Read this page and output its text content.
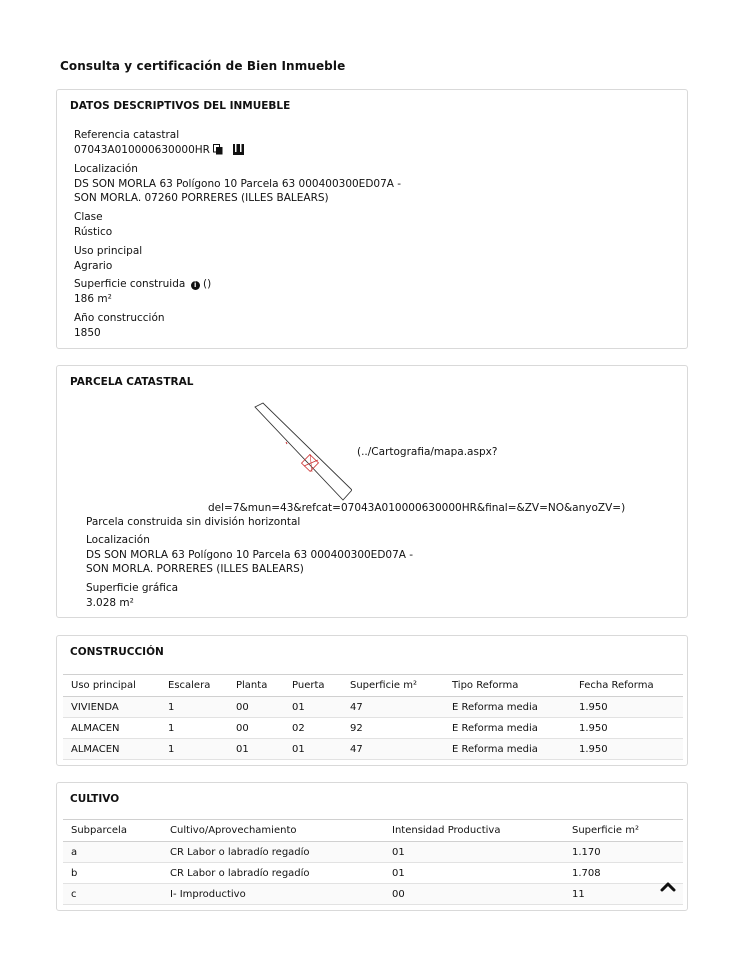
Consulta y certificación de Bien Inmueble
DATOS DESCRIPTIVOS DEL INMUEBLE
Referencia catastral
07043A010000630000HR
Localización
DS SON MORLA 63 Polígono 10 Parcela 63 000400300ED07A -
SON MORLA. 07260 PORRERES (ILLES BALEARS)
Clase
Rústico
Uso principal
Agrario
Superficie construida i ()
186 m²
Año construcción
1850
PARCELA CATASTRAL
(../Cartografia/mapa.aspx?
del=7&mun=43&refcat=07043A010000630000HR&final=&ZV=NO&anyoZV=)
Parcela construida sin división horizontal
Localización
DS SON MORLA 63 Polígono 10 Parcela 63 000400300ED07A -
SON MORLA. PORRERES (ILLES BALEARS)
Superficie gráfica
3.028 m²
CONSTRUCCIÓN
Uso principal	Escalera	Planta	Puerta	Superficie m²	Tipo Reforma	Fecha Reforma
VIVIENDA	1	00	01	47	E Reforma media	1.950
ALMACEN	1	00	02	92	E Reforma media	1.950
ALMACEN	1	01	01	47	E Reforma media	1.950
CULTIVO
Subparcela	Cultivo/Aprovechamiento	Intensidad Productiva	Superficie m²
a	CR Labor o labradío regadío	01	1.170
b	CR Labor o labradío regadío	01	1.708
c	I- Improductivo	00	11
